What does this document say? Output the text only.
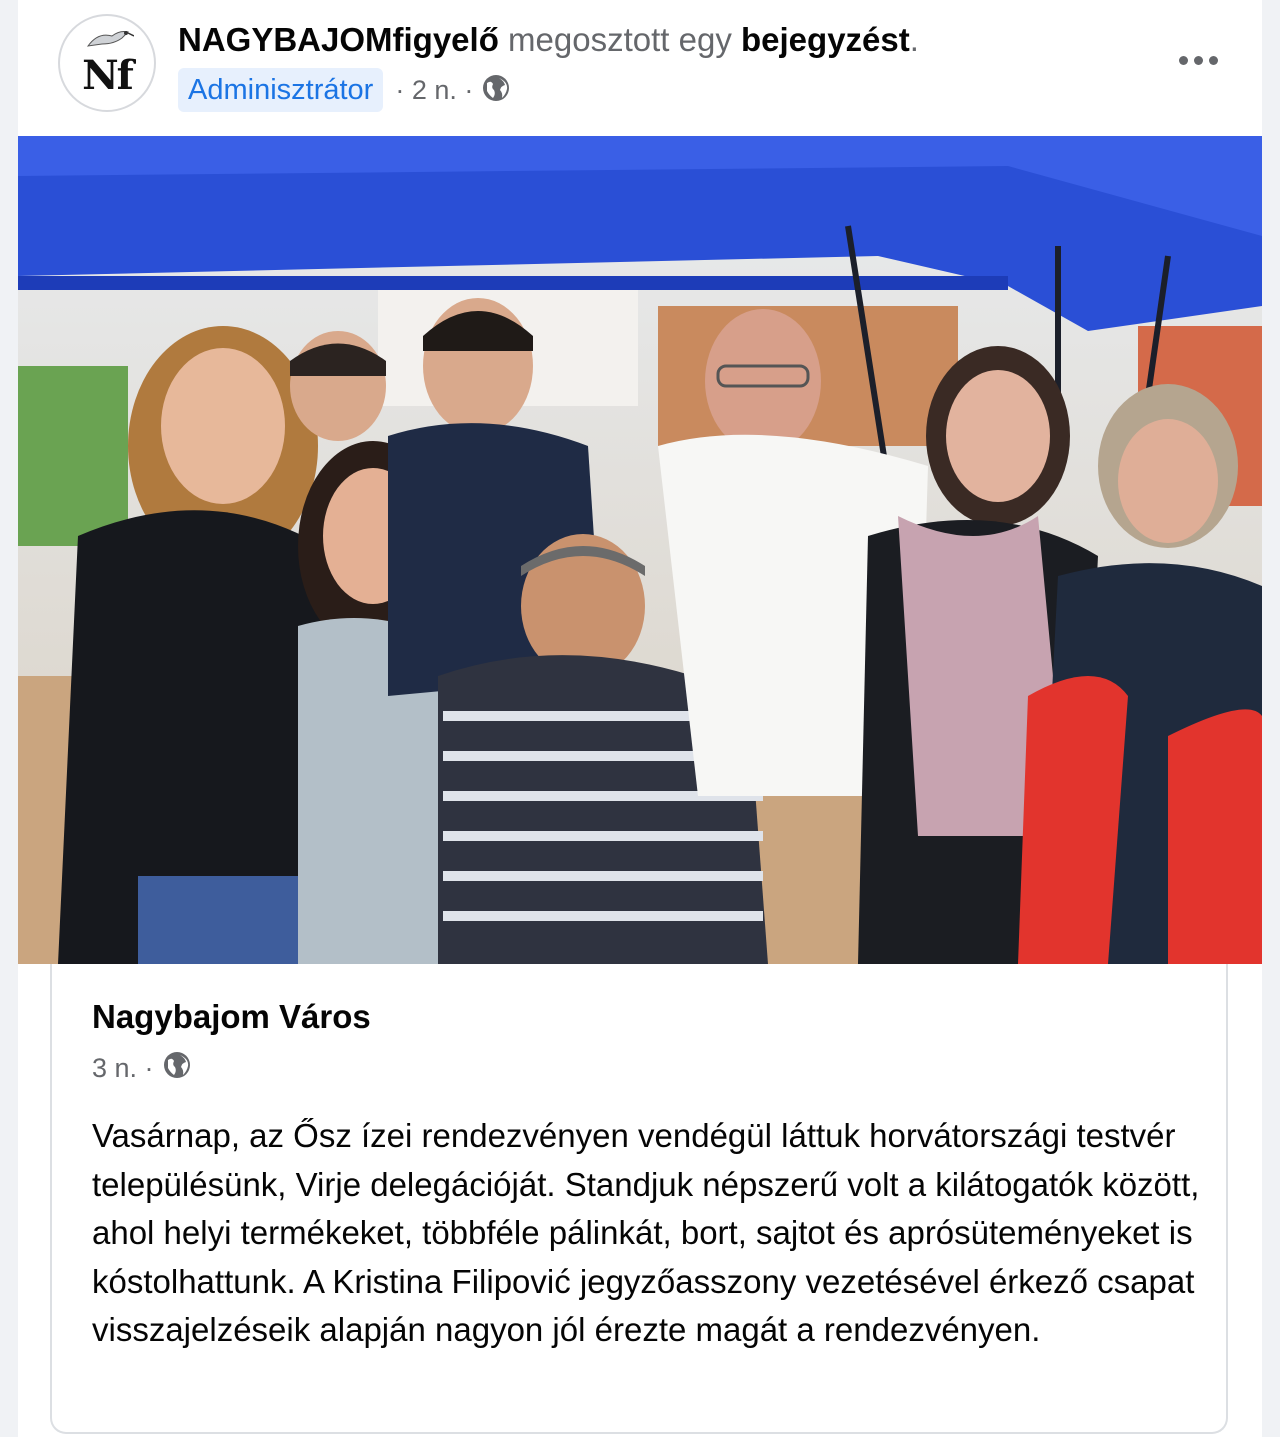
Nf
NAGYBAJOMfigyelő megosztott egy bejegyzést.
Adminisztrátor · 2 n. ·
Nagybajom Város
3 n. ·
Vasárnap, az Ősz ízei rendezvényen vendégül láttuk horvátországi testvér településünk, Virje delegációját. Standjuk népszerű volt a kilátogatók között, ahol helyi termékeket, többféle pálinkát, bort, sajtot és aprósüteményeket is kóstolhattunk. A Kristina Filipović jegyzőasszony vezetésével érkező csapat visszajelzéseik alapján nagyon jól érezte magát a rendezvényen.
